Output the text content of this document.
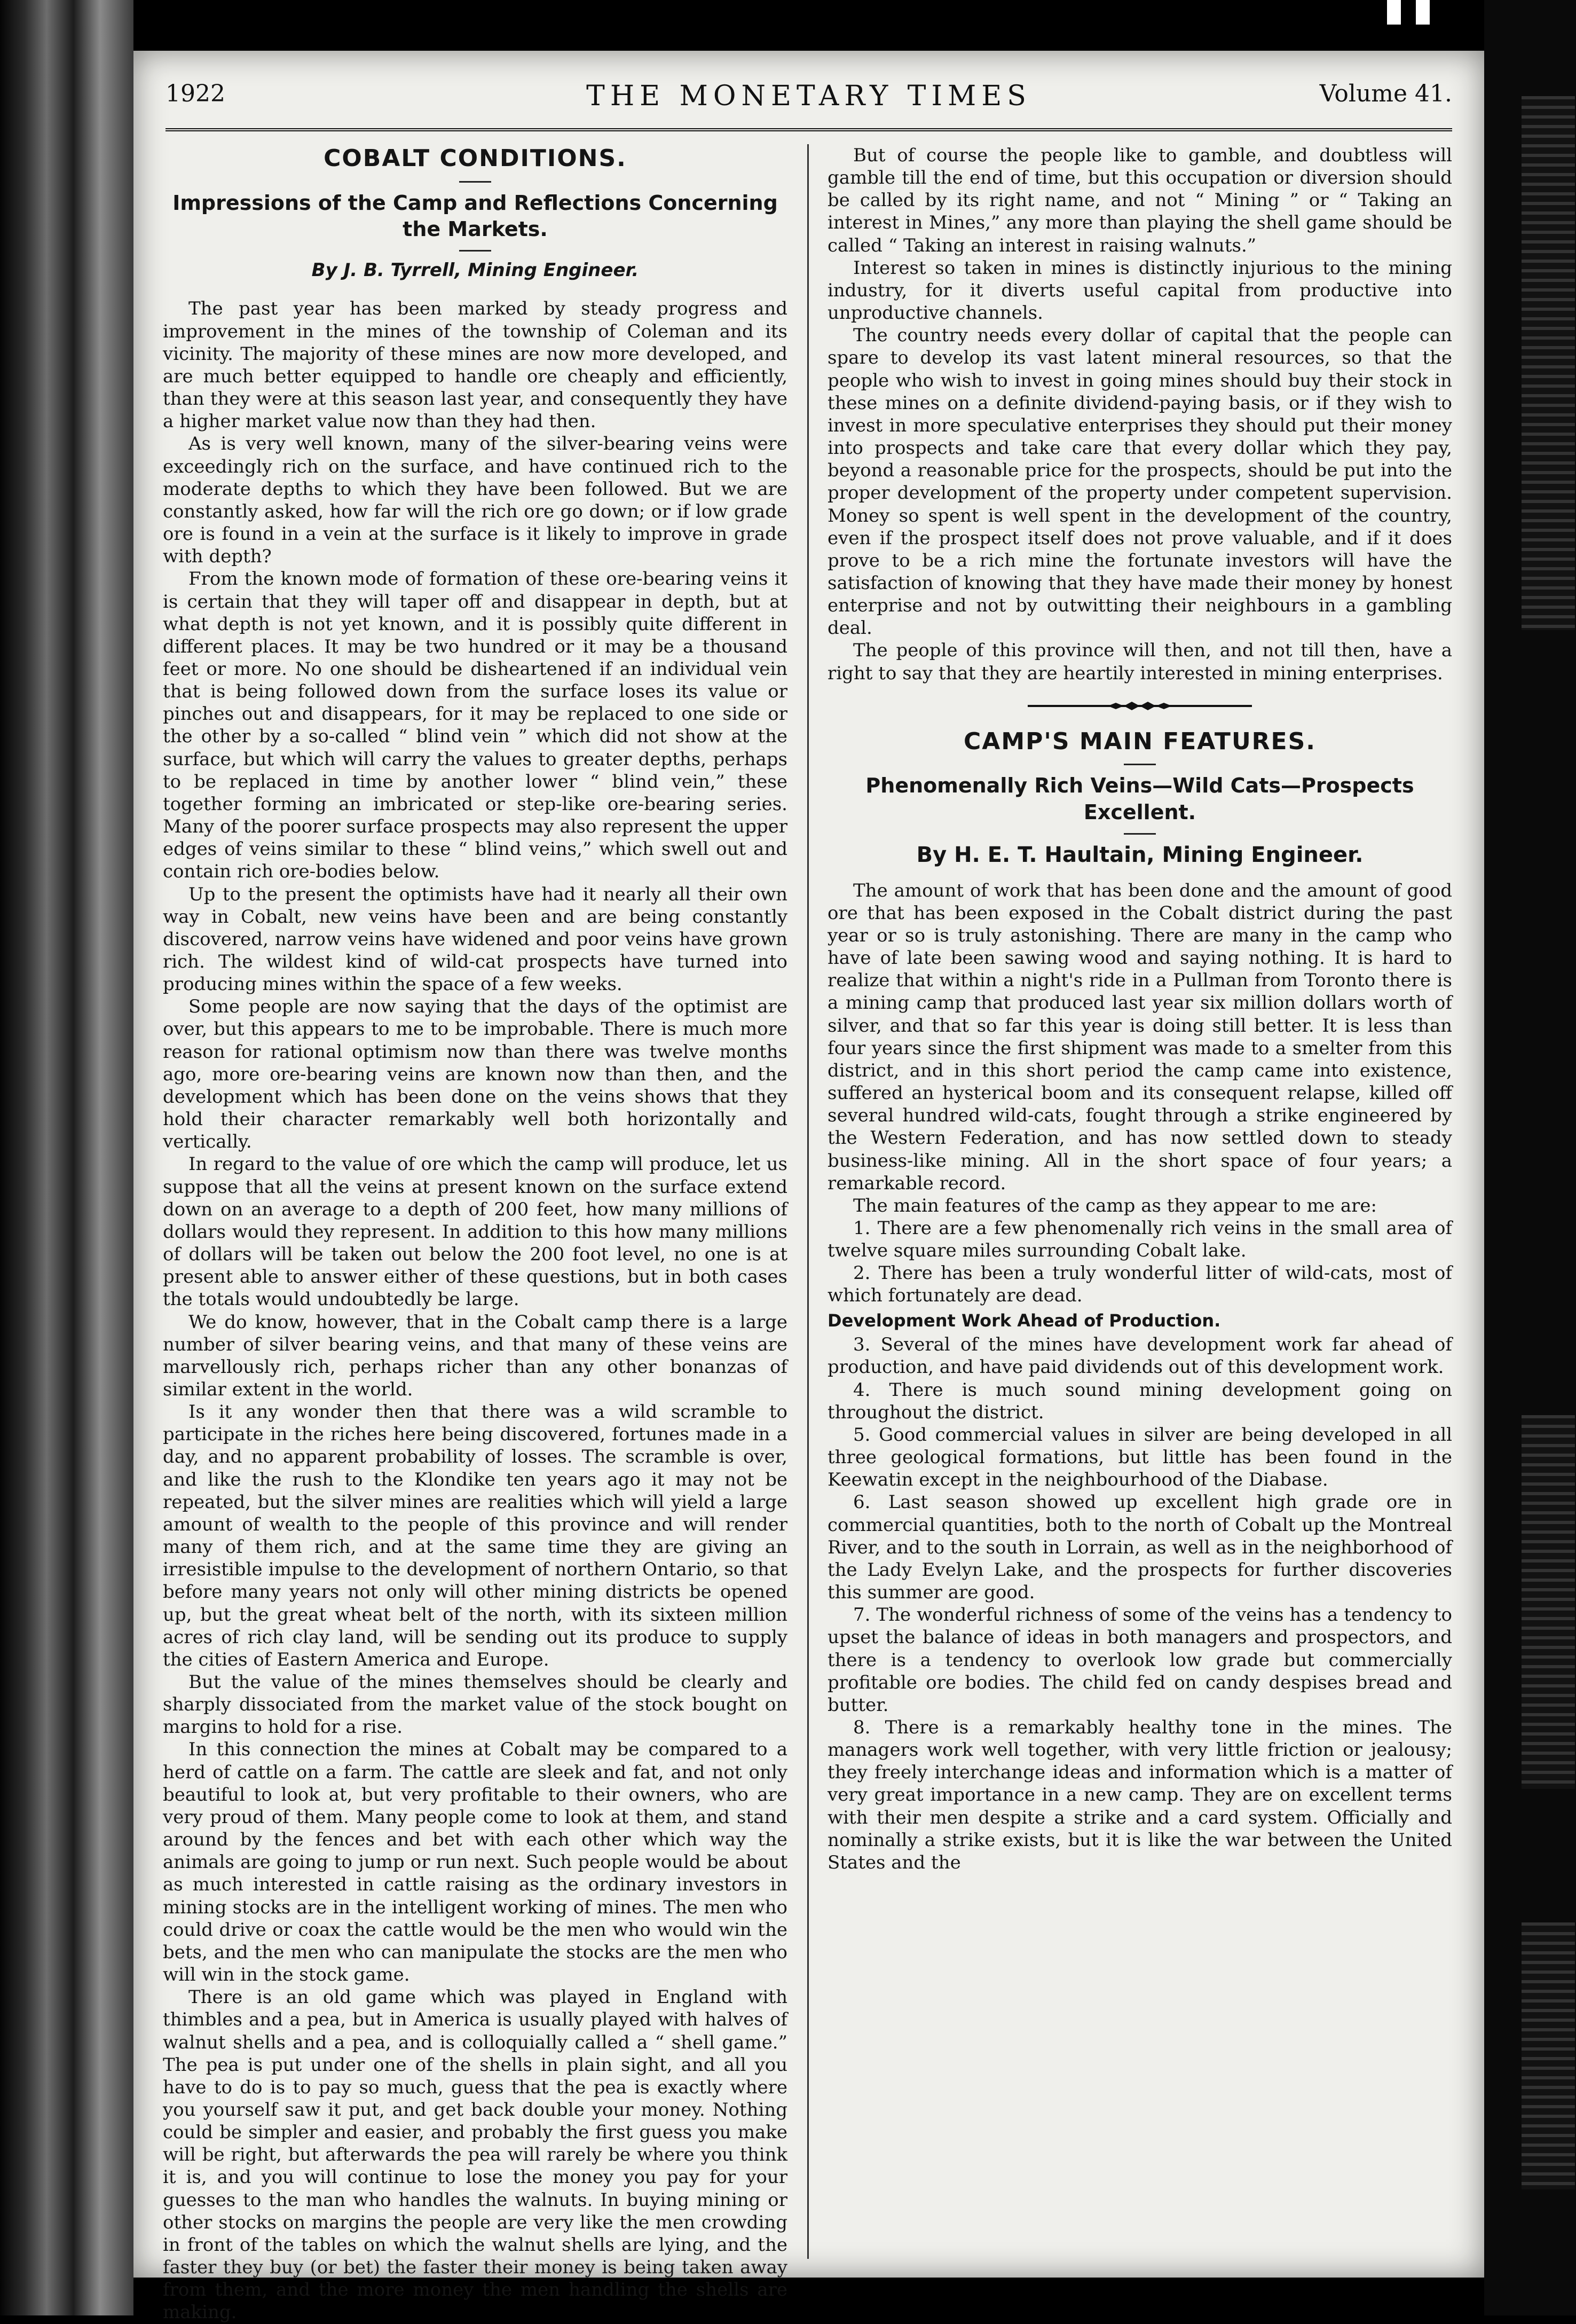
1922	THE MONETARY TIMES	Volume 41.
COBALT CONDITIONS.
Impressions of the Camp and Reflections Concerning the Markets.
By J. B. Tyrrell, Mining Engineer.

The past year has been marked by steady progress and improvement in the mines of the township of Coleman and its vicinity. The majority of these mines are now more developed, and are much better equipped to handle ore cheaply and efficiently, than they were at this season last year, and consequently they have a higher market value now than they had then.

As is very well known, many of the silver-bearing veins were exceedingly rich on the surface, and have continued rich to the moderate depths to which they have been followed. But we are constantly asked, how far will the rich ore go down; or if low grade ore is found in a vein at the surface is it likely to improve in grade with depth?

From the known mode of formation of these ore-bearing veins it is certain that they will taper off and disappear in depth, but at what depth is not yet known, and it is possibly quite different in different places. It may be two hundred or it may be a thousand feet or more. No one should be disheartened if an individual vein that is being followed down from the surface loses its value or pinches out and disappears, for it may be replaced to one side or the other by a so-called “ blind vein ” which did not show at the surface, but which will carry the values to greater depths, perhaps to be replaced in time by another lower “ blind vein,” these together forming an imbricated or step-like ore-bearing series. Many of the poorer surface prospects may also represent the upper edges of veins similar to these “ blind veins,” which swell out and contain rich ore-bodies below.

Up to the present the optimists have had it nearly all their own way in Cobalt, new veins have been and are being constantly discovered, narrow veins have widened and poor veins have grown rich. The wildest kind of wild-cat prospects have turned into producing mines within the space of a few weeks.

Some people are now saying that the days of the optimist are over, but this appears to me to be improbable. There is much more reason for rational optimism now than there was twelve months ago, more ore-bearing veins are known now than then, and the development which has been done on the veins shows that they hold their character remarkably well both horizontally and vertically.

In regard to the value of ore which the camp will produce, let us suppose that all the veins at present known on the surface extend down on an average to a depth of 200 feet, how many millions of dollars would they represent. In addition to this how many millions of dollars will be taken out below the 200 foot level, no one is at present able to answer either of these questions, but in both cases the totals would undoubtedly be large.

We do know, however, that in the Cobalt camp there is a large number of silver bearing veins, and that many of these veins are marvellously rich, perhaps richer than any other bonanzas of similar extent in the world.

Is it any wonder then that there was a wild scramble to participate in the riches here being discovered, fortunes made in a day, and no apparent probability of losses. The scramble is over, and like the rush to the Klondike ten years ago it may not be repeated, but the silver mines are realities which will yield a large amount of wealth to the people of this province and will render many of them rich, and at the same time they are giving an irresistible impulse to the development of northern Ontario, so that before many years not only will other mining districts be opened up, but the great wheat belt of the north, with its sixteen million acres of rich clay land, will be sending out its produce to supply the cities of Eastern America and Europe.

But the value of the mines themselves should be clearly and sharply dissociated from the market value of the stock bought on margins to hold for a rise.

In this connection the mines at Cobalt may be compared to a herd of cattle on a farm. The cattle are sleek and fat, and not only beautiful to look at, but very profitable to their owners, who are very proud of them. Many people come to look at them, and stand around by the fences and bet with each other which way the animals are going to jump or run next. Such people would be about as much interested in cattle raising as the ordinary investors in mining stocks are in the intelligent working of mines. The men who could drive or coax the cattle would be the men who would win the bets, and the men who can manipulate the stocks are the men who will win in the stock game.

There is an old game which was played in England with thimbles and a pea, but in America is usually played with halves of walnut shells and a pea, and is colloquially called a “ shell game.” The pea is put under one of the shells in plain sight, and all you have to do is to pay so much, guess that the pea is exactly where you yourself saw it put, and get back double your money. Nothing could be simpler and easier, and probably the first guess you make will be right, but afterwards the pea will rarely be where you think it is, and you will continue to lose the money you pay for your guesses to the man who handles the walnuts. In buying mining or other stocks on margins the people are very like the men crowding in front of the tables on which the walnut shells are lying, and the faster they buy (or bet) the faster their money is being taken away from them, and the more money the men handling the shells are making.

But of course the people like to gamble, and doubtless will gamble till the end of time, but this occupation or diversion should be called by its right name, and not “ Mining ” or “ Taking an interest in Mines,” any more than playing the shell game should be called “ Taking an interest in raising walnuts.”

Interest so taken in mines is distinctly injurious to the mining industry, for it diverts useful capital from productive into unproductive channels.

The country needs every dollar of capital that the people can spare to develop its vast latent mineral resources, so that the people who wish to invest in going mines should buy their stock in these mines on a definite dividend-paying basis, or if they wish to invest in more speculative enterprises they should put their money into prospects and take care that every dollar which they pay, beyond a reasonable price for the prospects, should be put into the proper development of the property under competent supervision. Money so spent is well spent in the development of the country, even if the prospect itself does not prove valuable, and if it does prove to be a rich mine the fortunate investors will have the satisfaction of knowing that they have made their money by honest enterprise and not by outwitting their neighbours in a gambling deal.

The people of this province will then, and not till then, have a right to say that they are heartily interested in mining enterprises.

CAMP'S MAIN FEATURES.
Phenomenally Rich Veins—Wild Cats—Prospects Excellent.
By H. E. T. Haultain, Mining Engineer.

The amount of work that has been done and the amount of good ore that has been exposed in the Cobalt district during the past year or so is truly astonishing. There are many in the camp who have of late been sawing wood and saying nothing. It is hard to realize that within a night's ride in a Pullman from Toronto there is a mining camp that produced last year six million dollars worth of silver, and that so far this year is doing still better. It is less than four years since the first shipment was made to a smelter from this district, and in this short period the camp came into existence, suffered an hysterical boom and its consequent relapse, killed off several hundred wild-cats, fought through a strike engineered by the Western Federation, and has now settled down to steady business-like mining. All in the short space of four years; a remarkable record.

The main features of the camp as they appear to me are:

1. There are a few phenomenally rich veins in the small area of twelve square miles surrounding Cobalt lake.

2. There has been a truly wonderful litter of wild-cats, most of which fortunately are dead.

Development Work Ahead of Production.

3. Several of the mines have development work far ahead of production, and have paid dividends out of this development work.

4. There is much sound mining development going on throughout the district.

5. Good commercial values in silver are being developed in all three geological formations, but little has been found in the Keewatin except in the neighbourhood of the Diabase.

6. Last season showed up excellent high grade ore in commercial quantities, both to the north of Cobalt up the Montreal River, and to the south in Lorrain, as well as in the neighborhood of the Lady Evelyn Lake, and the prospects for further discoveries this summer are good.

7. The wonderful richness of some of the veins has a tendency to upset the balance of ideas in both managers and prospectors, and there is a tendency to overlook low grade but commercially profitable ore bodies. The child fed on candy despises bread and butter.

8. There is a remarkably healthy tone in the mines. The managers work well together, with very little friction or jealousy; they freely interchange ideas and information which is a matter of very great importance in a new camp. They are on excellent terms with their men despite a strike and a card system. Officially and nominally a strike exists, but it is like the war between the United States and the
